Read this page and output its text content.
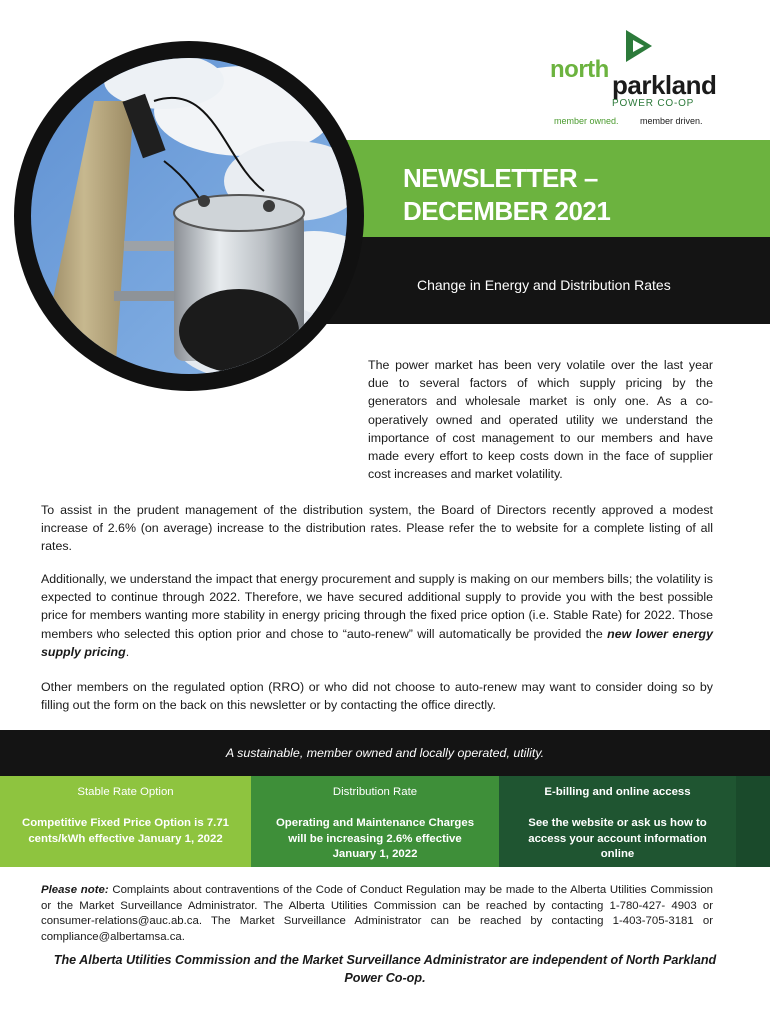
north
parkland
POWER CO-OP
member owned. member driven.
NEWSLETTER –
DECEMBER 2021
Change in Energy and Distribution Rates
The power market has been very volatile over the last year due to several factors of which supply pricing by the generators and wholesale market is only one. As a co-operatively owned and operated utility we understand the importance of cost management to our members and have made every effort to keep costs down in the face of supplier cost increases and market volatility.
To assist in the prudent management of the distribution system, the Board of Directors recently approved a modest increase of 2.6% (on average) increase to the distribution rates. Please refer the to website for a complete listing of all rates.
Additionally, we understand the impact that energy procurement and supply is making on our members bills; the volatility is expected to continue through 2022. Therefore, we have secured additional supply to provide you with the best possible price for members wanting more stability in energy pricing through the fixed price option (i.e. Stable Rate) for 2022. Those members who selected this option prior and chose to “auto-renew” will automatically be provided the new lower energy supply pricing.
Other members on the regulated option (RRO) or who did not choose to auto-renew may want to consider doing so by filling out the form on the back on this newsletter or by contacting the office directly.
A sustainable, member owned and locally operated, utility.
Stable Rate Option
Competitive Fixed Price Option is 7.71 cents/kWh effective January 1, 2022
Distribution Rate
Operating and Maintenance Charges will be increasing 2.6% effective January 1, 2022
E-billing and online access
See the website or ask us how to access your account information online
Please note: Complaints about contraventions of the Code of Conduct Regulation may be made to the Alberta Utilities Commission or the Market Surveillance Administrator. The Alberta Utilities Commission can be reached by contacting 1-780-427- 4903 or consumer-relations@auc.ab.ca. The Market Surveillance Administrator can be reached by contacting 1-403-705-3181 or compliance@albertamsa.ca.
The Alberta Utilities Commission and the Market Surveillance Administrator are independent of North Parkland Power Co-op.
